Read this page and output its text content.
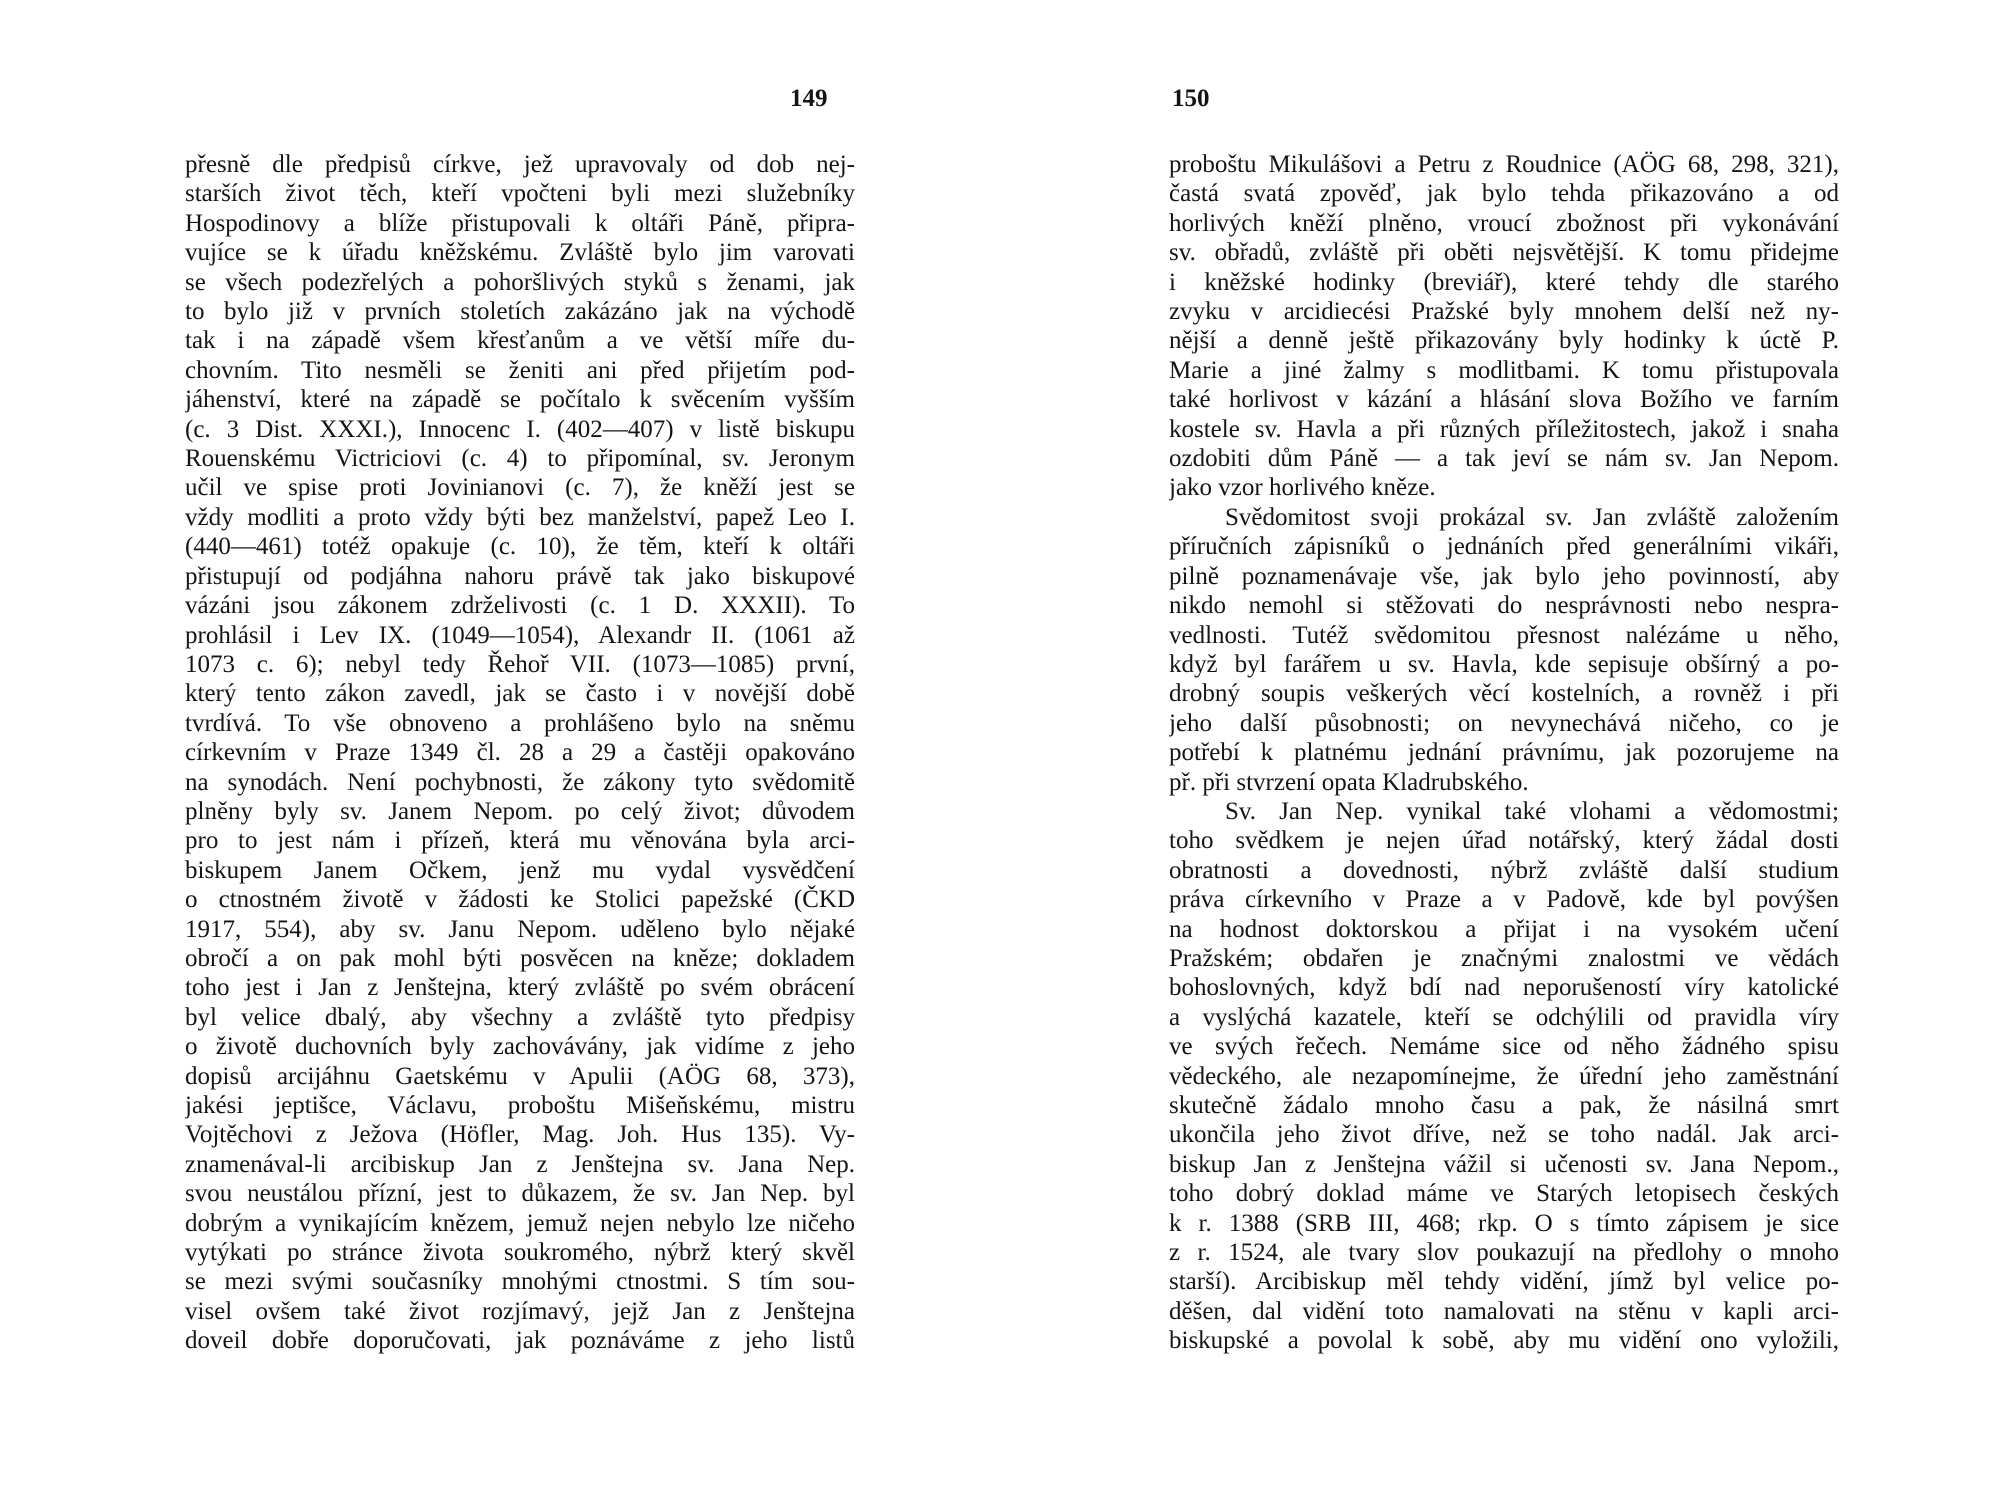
149
přesně dle předpisů církve, jež upravovaly od dob nej-
starších život těch, kteří vpočteni byli mezi služebníky
Hospodinovy a blíže přistupovali k oltáři Páně, připra-
vujíce se k úřadu kněžskému. Zvláště bylo jim varovati
se všech podezřelých a pohoršlivých styků s ženami, jak
to bylo již v prvních stoletích zakázáno jak na východě
tak i na západě všem křesťanům a ve větší míře du-
chovním. Tito nesměli se ženiti ani před přijetím pod-
jáhenství, které na západě se počítalo k svěcením vyšším
(c. 3 Dist. XXXI.), Innocenc I. (402—407) v listě biskupu
Rouenskému Victriciovi (c. 4) to připomínal, sv. Jeronym
učil ve spise proti Jovinianovi (c. 7), že kněží jest se
vždy modliti a proto vždy býti bez manželství, papež Leo I.
(440—461) totéž opakuje (c. 10), že těm, kteří k oltáři
přistupují od podjáhna nahoru právě tak jako biskupové
vázáni jsou zákonem zdrželivosti (c. 1 D. XXXII). To
prohlásil i Lev IX. (1049—1054), Alexandr II. (1061 až
1073 c. 6); nebyl tedy Řehoř VII. (1073—1085) první,
který tento zákon zavedl, jak se často i v novější době
tvrdívá. To vše obnoveno a prohlášeno bylo na sněmu
církevním v Praze 1349 čl. 28 a 29 a častěji opakováno
na synodách. Není pochybnosti, že zákony tyto svědomitě
plněny byly sv. Janem Nepom. po celý život; důvodem
pro to jest nám i přízeň, která mu věnována byla arci-
biskupem Janem Očkem, jenž mu vydal vysvědčení
o ctnostném životě v žádosti ke Stolici papežské (ČKD
1917, 554), aby sv. Janu Nepom. uděleno bylo nějaké
obročí a on pak mohl býti posvěcen na kněze; dokladem
toho jest i Jan z Jenštejna, který zvláště po svém obrácení
byl velice dbalý, aby všechny a zvláště tyto předpisy
o životě duchovních byly zachovávány, jak vidíme z jeho
dopisů arcijáhnu Gaetskému v Apulii (AÖG 68, 373),
jakési jeptišce, Václavu, proboštu Mišeňskému, mistru
Vojtěchovi z Ježova (Höfler, Mag. Joh. Hus 135). Vy-
znamenával-li arcibiskup Jan z Jenštejna sv. Jana Nep.
svou neustálou přízní, jest to důkazem, že sv. Jan Nep. byl
dobrým a vynikajícím knězem, jemuž nejen nebylo lze ničeho
vytýkati po stránce života soukromého, nýbrž který skvěl
se mezi svými současníky mnohými ctnostmi. S tím sou-
visel ovšem také život rozjímavý, jejž Jan z Jenštejna
doveil dobře doporučovati, jak poznáváme z jeho listů
150
proboštu Mikulášovi a Petru z Roudnice (AÖG 68, 298, 321),
častá svatá zpověď, jak bylo tehda přikazováno a od
horlivých kněží plněno, vroucí zbožnost při vykonávání
sv. obřadů, zvláště při oběti nejsvětější. K tomu přidejme
i kněžské hodinky (breviář), které tehdy dle starého
zvyku v arcidiecési Pražské byly mnohem delší než ny-
nější a denně ještě přikazovány byly hodinky k úctě P.
Marie a jiné žalmy s modlitbami. K tomu přistupovala
také horlivost v kázání a hlásání slova Božího ve farním
kostele sv. Havla a při různých příležitostech, jakož i snaha
ozdobiti dům Páně — a tak jeví se nám sv. Jan Nepom.
jako vzor horlivého kněze.
Svědomitost svoji prokázal sv. Jan zvláště založením
příručních zápisníků o jednáních před generálními vikáři,
pilně poznamenávaje vše, jak bylo jeho povinností, aby
nikdo nemohl si stěžovati do nesprávnosti nebo nespra-
vedlnosti. Tutéž svědomitou přesnost nalézáme u něho,
když byl farářem u sv. Havla, kde sepisuje obšírný a po-
drobný soupis veškerých věcí kostelních, a rovněž i při
jeho další působnosti; on nevynechává ničeho, co je
potřebí k platnému jednání právnímu, jak pozorujeme na
př. při stvrzení opata Kladrubského.
Sv. Jan Nep. vynikal také vlohami a vědomostmi;
toho svědkem je nejen úřad notářský, který žádal dosti
obratnosti a dovednosti, nýbrž zvláště další studium
práva církevního v Praze a v Padově, kde byl povýšen
na hodnost doktorskou a přijat i na vysokém učení
Pražském; obdařen je značnými znalostmi ve vědách
bohoslovných, když bdí nad neporušeností víry katolické
a vyslýchá kazatele, kteří se odchýlili od pravidla víry
ve svých řečech. Nemáme sice od něho žádného spisu
vědeckého, ale nezapomínejme, že úřední jeho zaměstnání
skutečně žádalo mnoho času a pak, že násilná smrt
ukončila jeho život dříve, než se toho nadál. Jak arci-
biskup Jan z Jenštejna vážil si učenosti sv. Jana Nepom.,
toho dobrý doklad máme ve Starých letopisech českých
k r. 1388 (SRB III, 468; rkp. O s tímto zápisem je sice
z r. 1524, ale tvary slov poukazují na předlohy o mnoho
starší). Arcibiskup měl tehdy vidění, jímž byl velice po-
děšen, dal vidění toto namalovati na stěnu v kapli arci-
biskupské a povolal k sobě, aby mu vidění ono vyložili,
